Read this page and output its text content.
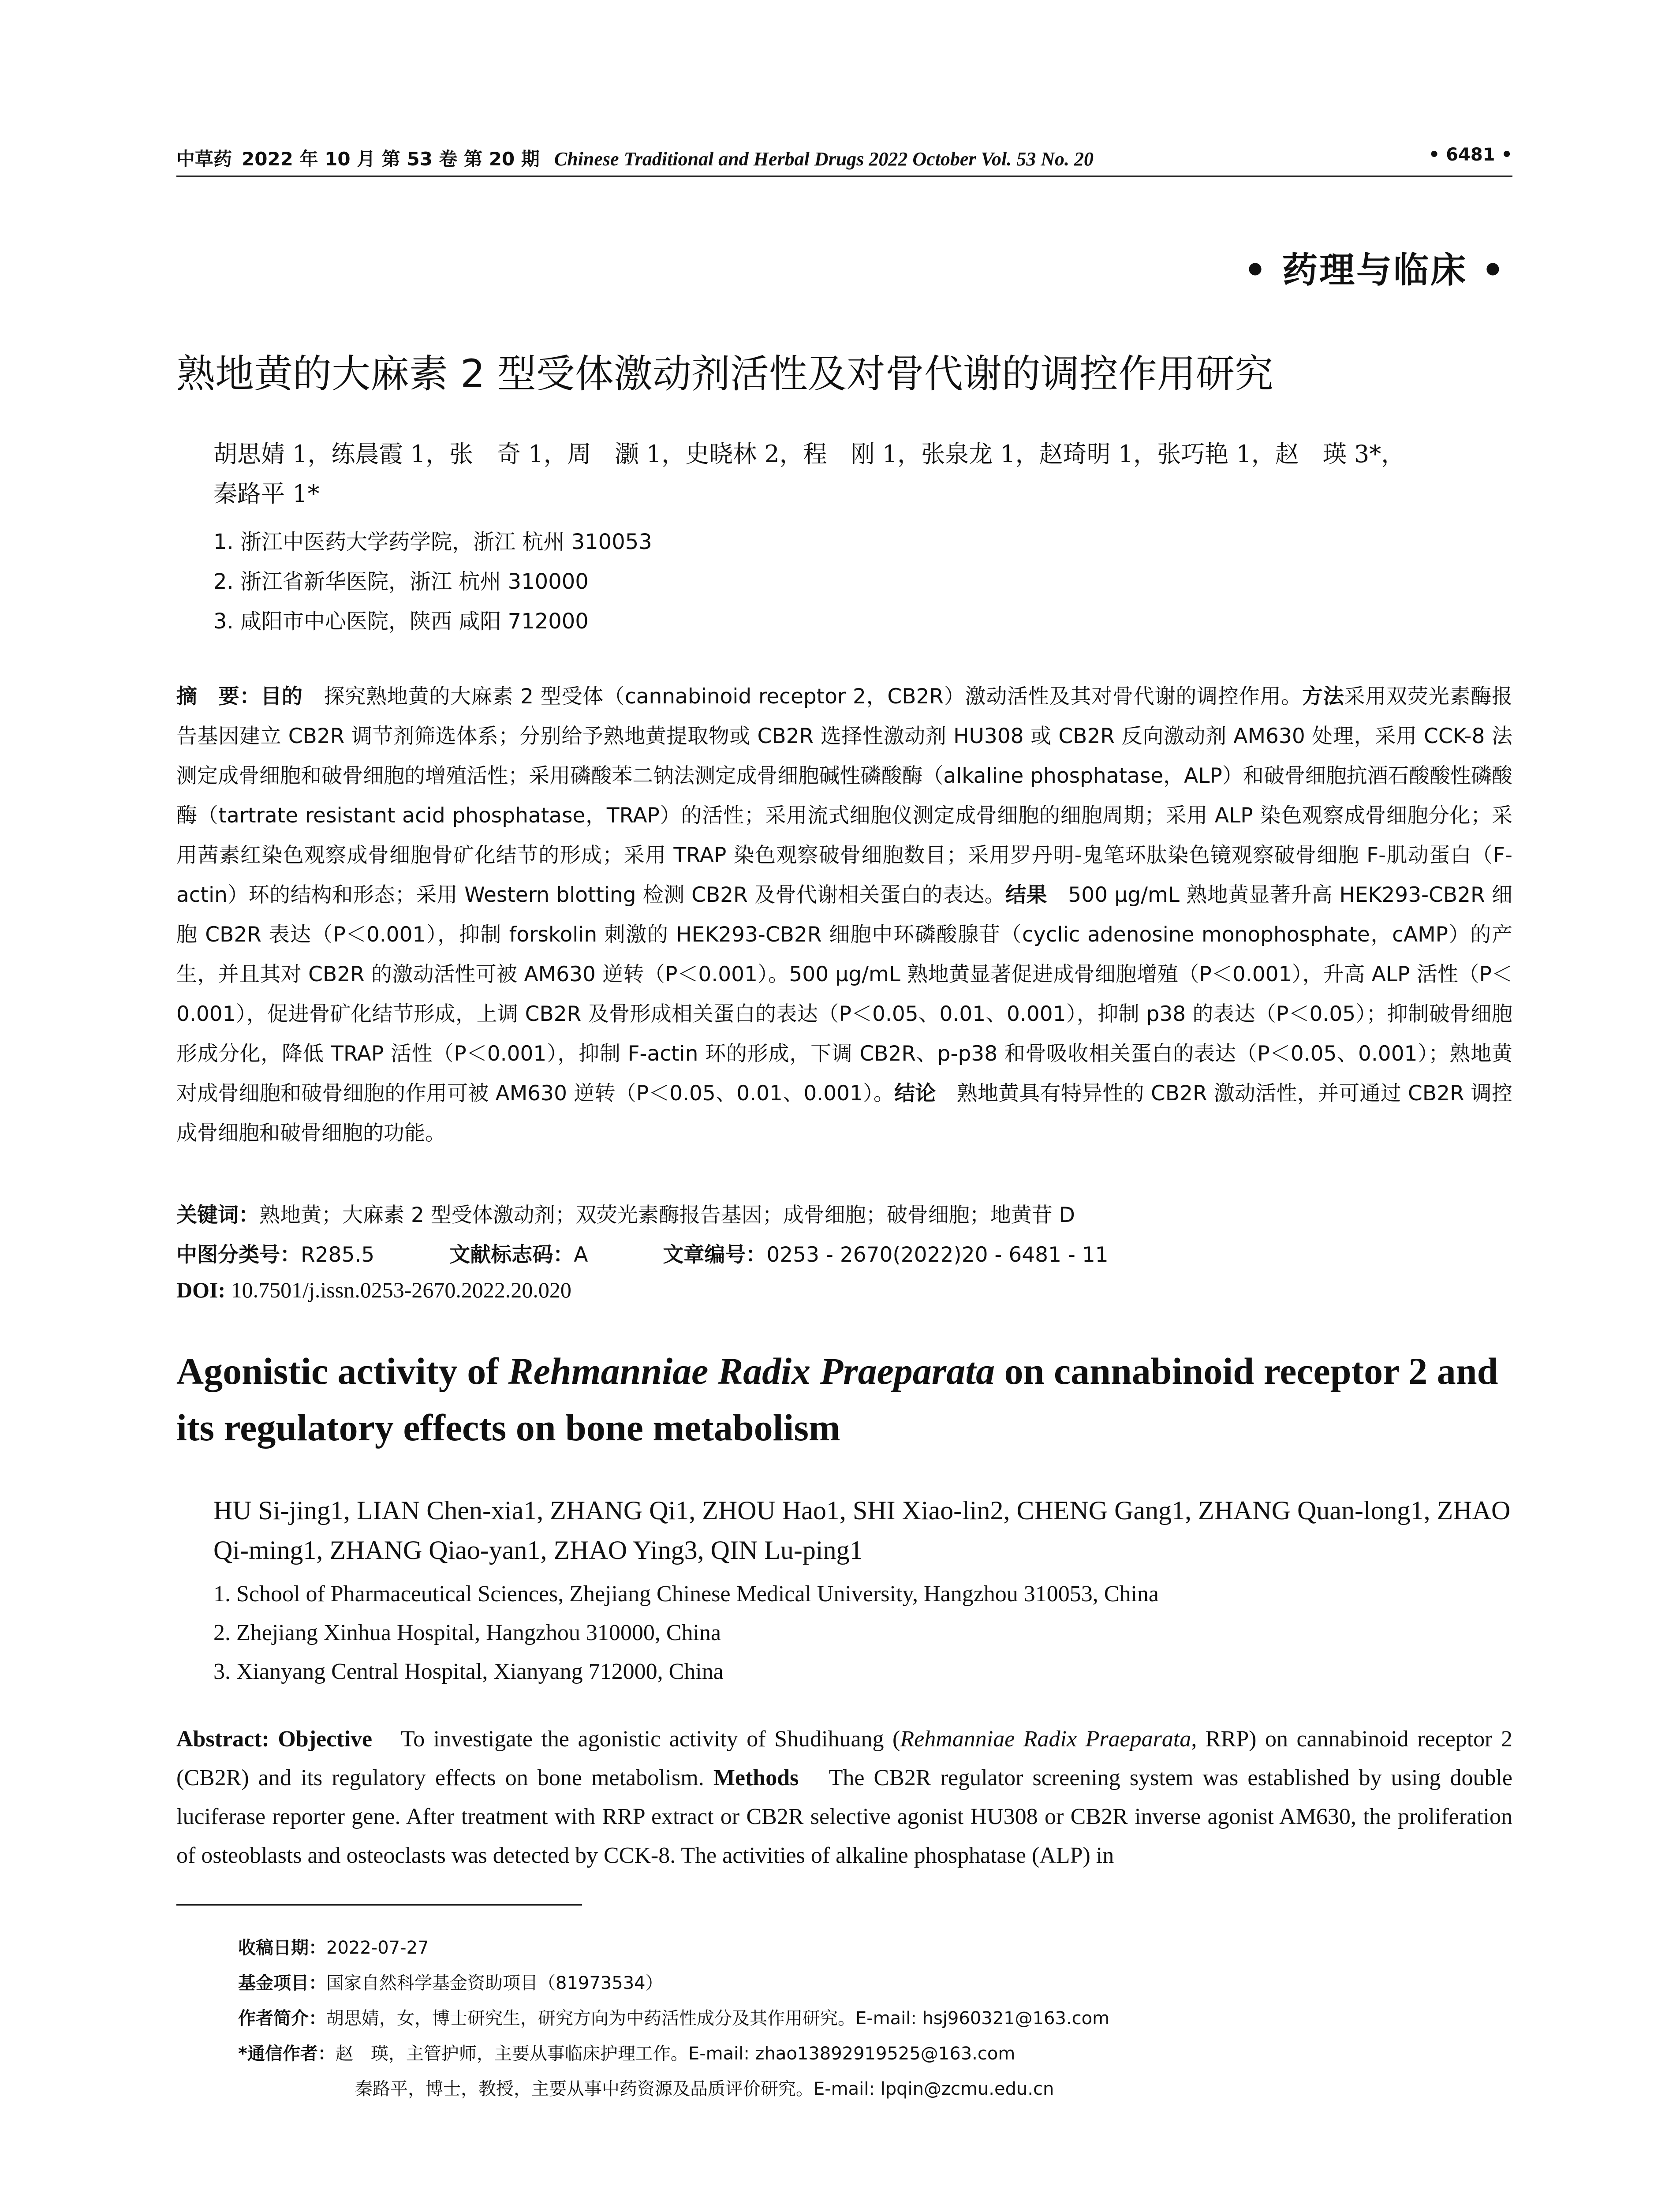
中草药 2022 年 10 月 第 53 卷 第 20 期 Chinese Traditional and Herbal Drugs 2022 October Vol. 53 No. 20	• 6481 •
• 药理与临床 •
熟地黄的大麻素 2 型受体激动剂活性及对骨代谢的调控作用研究
胡思婧 1，练晨霞 1，张　奇 1，周　灏 1，史晓林 2，程　刚 1，张泉龙 1，赵琦明 1，张巧艳 1，赵　瑛 3*，
秦路平 1*
1. 浙江中医药大学药学院，浙江 杭州 310053
2. 浙江省新华医院，浙江 杭州 310000
3. 咸阳市中心医院，陕西 咸阳 712000
摘　要：目的　探究熟地黄的大麻素 2 型受体（cannabinoid receptor 2，CB2R）激动活性及其对骨代谢的调控作用。方法采用双荧光素酶报告基因建立 CB2R 调节剂筛选体系；分别给予熟地黄提取物或 CB2R 选择性激动剂 HU308 或 CB2R 反向激动剂 AM630 处理，采用 CCK-8 法测定成骨细胞和破骨细胞的增殖活性；采用磷酸苯二钠法测定成骨细胞碱性磷酸酶（alkaline phosphatase，ALP）和破骨细胞抗酒石酸酸性磷酸酶（tartrate resistant acid phosphatase，TRAP）的活性；采用流式细胞仪测定成骨细胞的细胞周期；采用 ALP 染色观察成骨细胞分化；采用茜素红染色观察成骨细胞骨矿化结节的形成；采用 TRAP 染色观察破骨细胞数目；采用罗丹明-鬼笔环肽染色镜观察破骨细胞 F-肌动蛋白（F-actin）环的结构和形态；采用 Western blotting 检测 CB2R 及骨代谢相关蛋白的表达。结果　500 μg/mL 熟地黄显著升高 HEK293-CB2R 细胞 CB2R 表达（P＜0.001），抑制 forskolin 刺激的 HEK293-CB2R 细胞中环磷酸腺苷（cyclic adenosine monophosphate，cAMP）的产生，并且其对 CB2R 的激动活性可被 AM630 逆转（P＜0.001）。500 μg/mL 熟地黄显著促进成骨细胞增殖（P＜0.001），升高 ALP 活性（P＜0.001），促进骨矿化结节形成，上调 CB2R 及骨形成相关蛋白的表达（P＜0.05、0.01、0.001），抑制 p38 的表达（P＜0.05）；抑制破骨细胞形成分化，降低 TRAP 活性（P＜0.001），抑制 F-actin 环的形成，下调 CB2R、p-p38 和骨吸收相关蛋白的表达（P＜0.05、0.001）；熟地黄对成骨细胞和破骨细胞的作用可被 AM630 逆转（P＜0.05、0.01、0.001）。结论　熟地黄具有特异性的 CB2R 激动活性，并可通过 CB2R 调控成骨细胞和破骨细胞的功能。
关键词：熟地黄；大麻素 2 型受体激动剂；双荧光素酶报告基因；成骨细胞；破骨细胞；地黄苷 D
中图分类号：R285.5	文献标志码：A	文章编号：0253 - 2670(2022)20 - 6481 - 11
DOI: 10.7501/j.issn.0253-2670.2022.20.020
Agonistic activity of Rehmanniae Radix Praeparata on cannabinoid receptor 2 and its regulatory effects on bone metabolism
HU Si-jing1, LIAN Chen-xia1, ZHANG Qi1, ZHOU Hao1, SHI Xiao-lin2, CHENG Gang1, ZHANG Quan-long1, ZHAO Qi-ming1, ZHANG Qiao-yan1, ZHAO Ying3, QIN Lu-ping1
1. School of Pharmaceutical Sciences, Zhejiang Chinese Medical University, Hangzhou 310053, China
2. Zhejiang Xinhua Hospital, Hangzhou 310000, China
3. Xianyang Central Hospital, Xianyang 712000, China
Abstract: Objective　To investigate the agonistic activity of Shudihuang (Rehmanniae Radix Praeparata, RRP) on cannabinoid receptor 2 (CB2R) and its regulatory effects on bone metabolism. Methods　The CB2R regulator screening system was established by using double luciferase reporter gene. After treatment with RRP extract or CB2R selective agonist HU308 or CB2R inverse agonist AM630, the proliferation of osteoblasts and osteoclasts was detected by CCK-8. The activities of alkaline phosphatase (ALP) in
收稿日期：2022-07-27
基金项目：国家自然科学基金资助项目（81973534）
作者简介：胡思婧，女，博士研究生，研究方向为中药活性成分及其作用研究。E-mail: hsj960321@163.com
*通信作者：赵　瑛，主管护师，主要从事临床护理工作。E-mail: zhao13892919525@163.com
秦路平，博士，教授，主要从事中药资源及品质评价研究。E-mail: lpqin@zcmu.edu.cn
